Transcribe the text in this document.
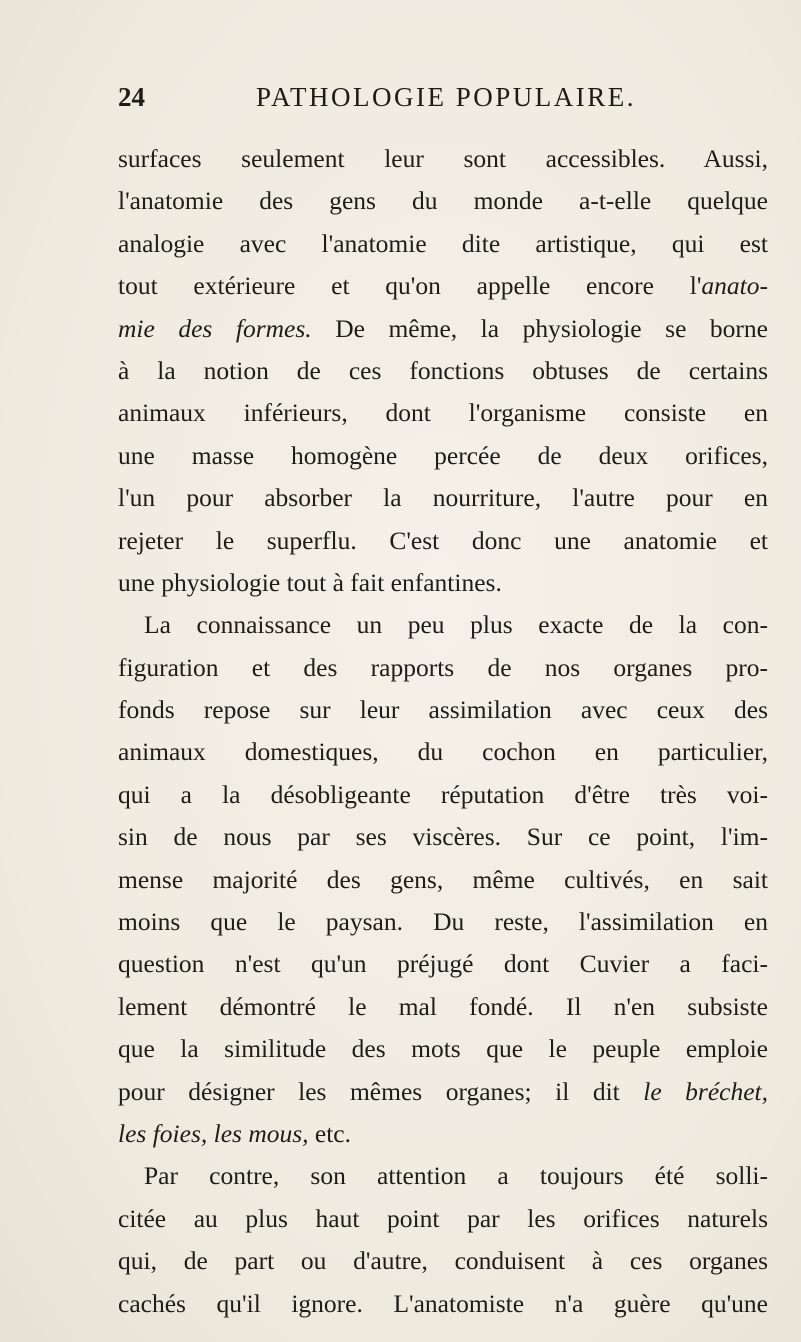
24	PATHOLOGIE POPULAIRE.
surfaces seulement leur sont accessibles. Aussi,
l'anatomie des gens du monde a-t-elle quelque
analogie avec l'anatomie dite artistique, qui est
tout extérieure et qu'on appelle encore l'anato-
mie des formes. De même, la physiologie se borne
à la notion de ces fonctions obtuses de certains
animaux inférieurs, dont l'organisme consiste en
une masse homogène percée de deux orifices,
l'un pour absorber la nourriture, l'autre pour en
rejeter le superflu. C'est donc une anatomie et
une physiologie tout à fait enfantines.
La connaissance un peu plus exacte de la con-
figuration et des rapports de nos organes pro-
fonds repose sur leur assimilation avec ceux des
animaux domestiques, du cochon en particulier,
qui a la désobligeante réputation d'être très voi-
sin de nous par ses viscères. Sur ce point, l'im-
mense majorité des gens, même cultivés, en sait
moins que le paysan. Du reste, l'assimilation en
question n'est qu'un préjugé dont Cuvier a faci-
lement démontré le mal fondé. Il n'en subsiste
que la similitude des mots que le peuple emploie
pour désigner les mêmes organes; il dit le bréchet,
les foies, les mous, etc.
Par contre, son attention a toujours été solli-
citée au plus haut point par les orifices naturels
qui, de part ou d'autre, conduisent à ces organes
cachés qu'il ignore. L'anatomiste n'a guère qu'une
